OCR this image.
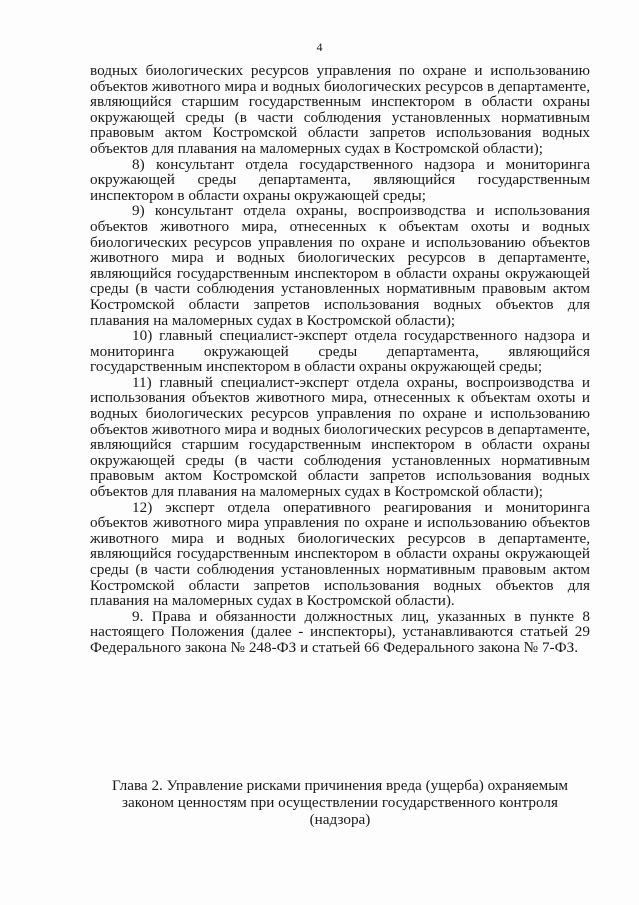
4

водных биологических ресурсов управления по охране и использованию объектов животного мира и водных биологических ресурсов в департаменте, являющийся старшим государственным инспектором в области охраны окружающей среды (в части соблюдения установленных нормативным правовым актом Костромской области запретов использования водных объектов для плавания на маломерных судах в Костромской области);

8) консультант отдела государственного надзора и мониторинга окружающей среды департамента, являющийся государственным инспектором в области охраны окружающей среды;

9) консультант отдела охраны, воспроизводства и использования объектов животного мира, отнесенных к объектам охоты и водных биологических ресурсов управления по охране и использованию объектов животного мира и водных биологических ресурсов в департаменте, являющийся государственным инспектором в области охраны окружающей среды (в части соблюдения установленных нормативным правовым актом Костромской области запретов использования водных объектов для плавания на маломерных судах в Костромской области);

10) главный специалист-эксперт отдела государственного надзора и мониторинга окружающей среды департамента, являющийся государственным инспектором в области охраны окружающей среды;

11) главный специалист-эксперт отдела охраны, воспроизводства и использования объектов животного мира, отнесенных к объектам охоты и водных биологических ресурсов управления по охране и использованию объектов животного мира и водных биологических ресурсов в департаменте, являющийся старшим государственным инспектором в области охраны окружающей среды (в части соблюдения установленных нормативным правовым актом Костромской области запретов использования водных объектов для плавания на маломерных судах в Костромской области);

12) эксперт отдела оперативного реагирования и мониторинга объектов животного мира управления по охране и использованию объектов животного мира и водных биологических ресурсов в департаменте, являющийся государственным инспектором в области охраны окружающей среды (в части соблюдения установленных нормативным правовым актом Костромской области запретов использования водных объектов для плавания на маломерных судах в Костромской области).

9. Права и обязанности должностных лиц, указанных в пункте 8 настоящего Положения (далее - инспекторы), устанавливаются статьей 29 Федерального закона № 248-ФЗ и статьей 66 Федерального закона № 7-ФЗ.

Глава 2. Управление рисками причинения вреда (ущерба) охраняемым
законом ценностям при осуществлении государственного контроля
(надзора)
